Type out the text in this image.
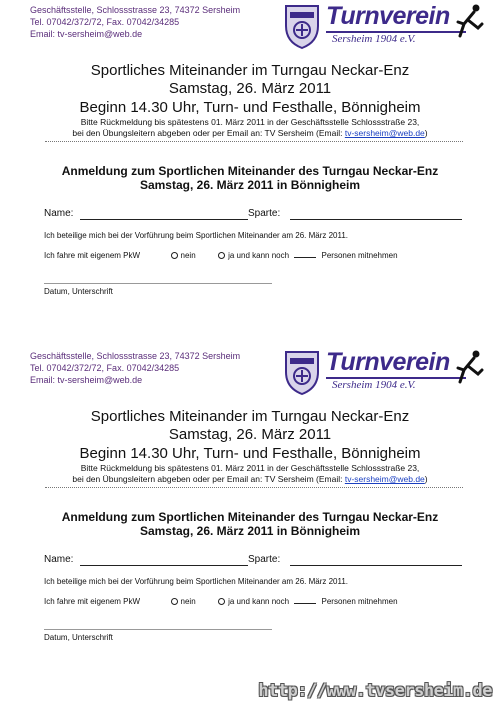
Geschäftsstelle, Schlossstrasse 23, 74372 Sersheim
Tel. 07042/372/72, Fax. 07042/34285
Email: tv-sersheim@web.de
Turnverein
Sersheim 1904 e.V.
Sportliches Miteinander im Turngau Neckar-Enz
Samstag, 26. März 2011
Beginn 14.30 Uhr, Turn- und Festhalle, Bönnigheim
Bitte Rückmeldung bis spätestens 01. März 2011 in der Geschäftsstelle Schlossstraße 23,
bei den Übungsleitern abgeben oder per Email an: TV Sersheim (Email: tv-sersheim@web.de)
Anmeldung zum Sportlichen Miteinander des Turngau Neckar-Enz
Samstag, 26. März 2011 in Bönnigheim
Name:	Sparte:
Ich beteilige mich bei der Vorführung beim Sportlichen Miteinander am 26. März 2011.
Ich fahre mit eigenem PkW	nein	ja und kann noch	Personen mitnehmen
Datum, Unterschrift
Geschäftsstelle, Schlossstrasse 23, 74372 Sersheim
Tel. 07042/372/72, Fax. 07042/34285
Email: tv-sersheim@web.de
Turnverein
Sersheim 1904 e.V.
Sportliches Miteinander im Turngau Neckar-Enz
Samstag, 26. März 2011
Beginn 14.30 Uhr, Turn- und Festhalle, Bönnigheim
Bitte Rückmeldung bis spätestens 01. März 2011 in der Geschäftsstelle Schlossstraße 23,
bei den Übungsleitern abgeben oder per Email an: TV Sersheim (Email: tv-sersheim@web.de)
Anmeldung zum Sportlichen Miteinander des Turngau Neckar-Enz
Samstag, 26. März 2011 in Bönnigheim
Name:	Sparte:
Ich beteilige mich bei der Vorführung beim Sportlichen Miteinander am 26. März 2011.
Ich fahre mit eigenem PkW	nein	ja und kann noch	Personen mitnehmen
Datum, Unterschrift
http://www.tvsersheim.de
